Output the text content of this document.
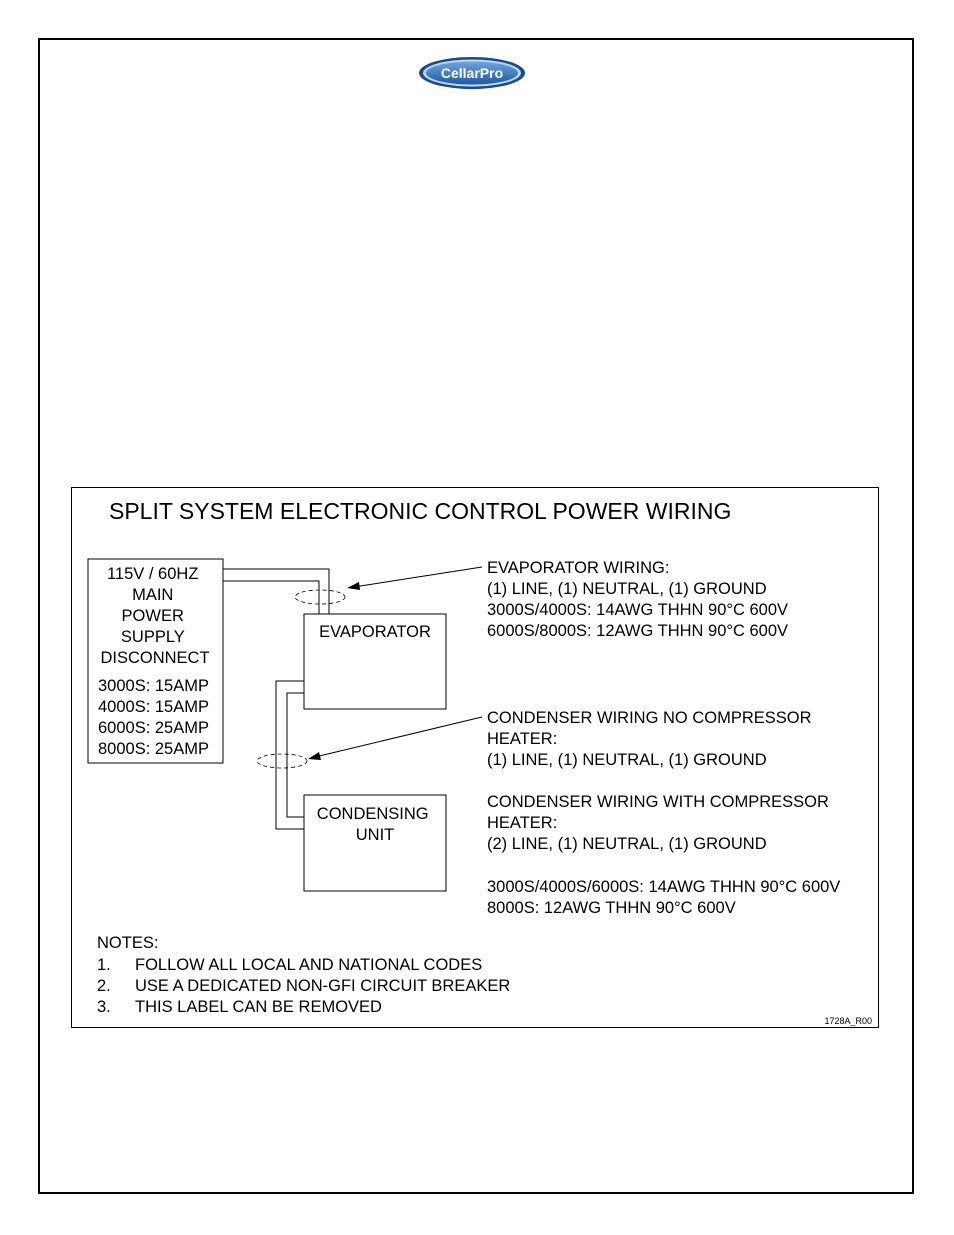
CellarPro
SPLIT SYSTEM ELECTRONIC CONTROL POWER WIRING
115V / 60HZ MAIN POWER SUPPLY DISCONNECT
3000S: 15AMP 4000S: 15AMP 6000S: 25AMP 8000S: 25AMP
EVAPORATOR
CONDENSING UNIT
EVAPORATOR WIRING: (1) LINE, (1) NEUTRAL, (1) GROUND 3000S/4000S: 14AWG THHN 90°C 600V 6000S/8000S: 12AWG THHN 90°C 600V
CONDENSER WIRING NO COMPRESSOR HEATER: (1) LINE, (1) NEUTRAL, (1) GROUND CONDENSER WIRING WITH COMPRESSOR HEATER: (2) LINE, (1) NEUTRAL, (1) GROUND 3000S/4000S/6000S: 14AWG THHN 90°C 600V 8000S: 12AWG THHN 90°C 600V
NOTES:
1. FOLLOW ALL LOCAL AND NATIONAL CODES 2. USE A DEDICATED NON-GFI CIRCUIT BREAKER 3. THIS LABEL CAN BE REMOVED
1728A_R00
